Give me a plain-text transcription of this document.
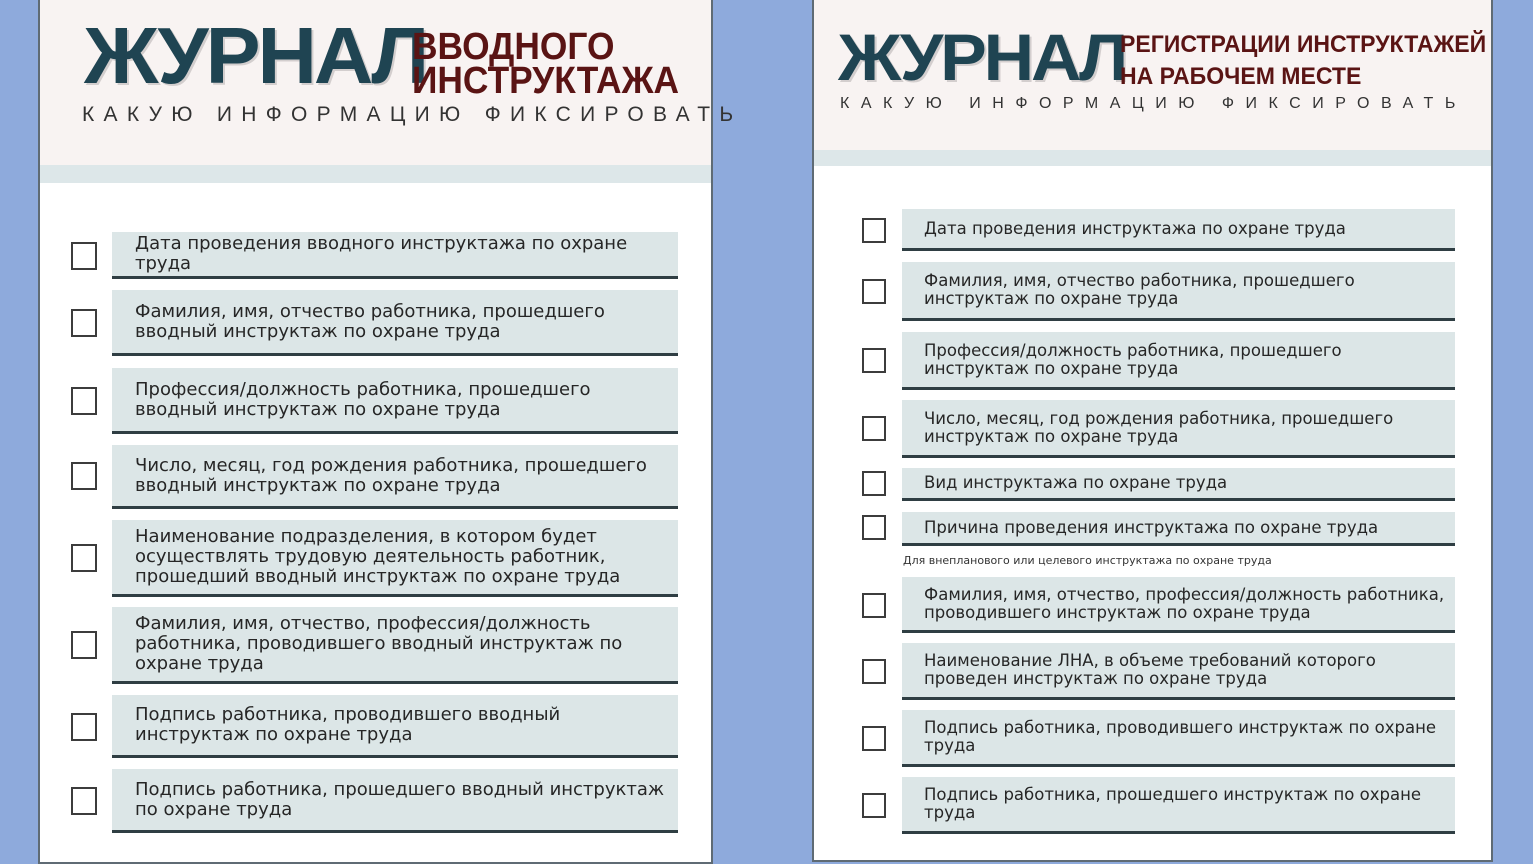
ЖУРНАЛ
ВВОДНОГО
ИНСТРУКТАЖА

КАКУЮ ИНФОРМАЦИЮ ФИКСИРОВАТЬ

Дата проведения вводного инструктажа по охране труда
Фамилия, имя, отчество работника, прошедшего вводный инструктаж по охране труда
Профессия/должность работника, прошедшего вводный инструктаж по охране труда
Число, месяц, год рождения работника, прошедшего вводный инструктаж по охране труда
Наименование подразделения, в котором будет осуществлять трудовую деятельность работник, прошедший вводный инструктаж по охране труда
Фамилия, имя, отчество, профессия/должность работника, проводившего вводный инструктаж по охране труда
Подпись работника, проводившего вводный инструктаж по охране труда
Подпись работника, прошедшего вводный инструктаж по охране труда
ЖУРНАЛ
РЕГИСТРАЦИИ ИНСТРУКТАЖЕЙ
НА РАБОЧЕМ МЕСТЕ

КАКУЮ ИНФОРМАЦИЮ ФИКСИРОВАТЬ

Дата проведения инструктажа по охране труда
Фамилия, имя, отчество работника, прошедшего инструктаж по охране труда
Профессия/должность работника, прошедшего инструктаж по охране труда
Число, месяц, год рождения работника, прошедшего инструктаж по охране труда
Вид инструктажа по охране труда
Причина проведения инструктажа по охране труда
Для внепланового или целевого инструктажа по охране труда
Фамилия, имя, отчество, профессия/должность работника, проводившего инструктаж по охране труда
Наименование ЛНА, в объеме требований которого проведен инструктаж по охране труда
Подпись работника, проводившего инструктаж по охране труда
Подпись работника, прошедшего инструктаж по охране труда
